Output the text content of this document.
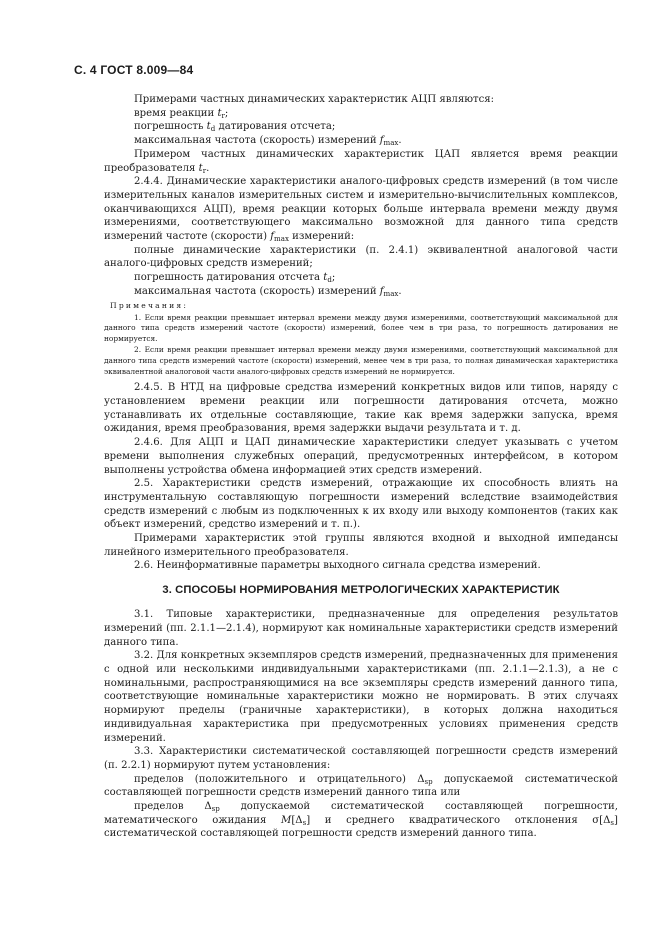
С. 4 ГОСТ 8.009—84

Примерами частных динамических характеристик АЦП являются:

время реакции $t_r$;

погрешность $t_d$ датирования отсчета;

максимальная частота (скорость) измерений $f_{max}$.

Примером частных динамических характеристик ЦАП является время реакции преобразователя $t_r$.

2.4.4. Динамические характеристики аналого-цифровых средств измерений (в том числе измерительных каналов измерительных систем и измерительно-вычислительных комплексов, оканчивающихся АЦП), время реакции которых больше интервала времени между двумя измерениями, соответствующего максимально возможной для данного типа средств измерений частоте (скорости) $f_{max}$ измерений:

полные динамические характеристики (п. 2.4.1) эквивалентной аналоговой части аналого-цифровых средств измерений;

погрешность датирования отсчета $t_d$;

максимальная частота (скорость) измерений $f_{max}$.

Примечания:

1. Если время реакции превышает интервал времени между двумя измерениями, соответствующий максимальной для данного типа средств измерений частоте (скорости) измерений, более чем в три раза, то погрешность датирования не нормируется.

2. Если время реакции превышает интервал времени между двумя измерениями, соответствующий максимальной для данного типа средств измерений частоте (скорости) измерений, менее чем в три раза, то полная динамическая характеристика эквивалентной аналоговой части аналого-цифровых средств измерений не нормируется.

2.4.5. В НТД на цифровые средства измерений конкретных видов или типов, наряду с установлением времени реакции или погрешности датирования отсчета, можно устанавливать их отдельные составляющие, такие как время задержки запуска, время ожидания, время преобразования, время задержки выдачи результата и т. д.

2.4.6. Для АЦП и ЦАП динамические характеристики следует указывать с учетом времени выполнения служебных операций, предусмотренных интерфейсом, в котором выполнены устройства обмена информацией этих средств измерений.

2.5. Характеристики средств измерений, отражающие их способность влиять на инструментальную составляющую погрешности измерений вследствие взаимодействия средств измерений с любым из подключенных к их входу или выходу компонентов (таких как объект измерений, средство измерений и т. п.).

Примерами характеристик этой группы являются входной и выходной импедансы линейного измерительного преобразователя.

2.6. Неинформативные параметры выходного сигнала средства измерений.

3. СПОСОБЫ НОРМИРОВАНИЯ МЕТРОЛОГИЧЕСКИХ ХАРАКТЕРИСТИК

3.1. Типовые характеристики, предназначенные для определения результатов измерений (пп. 2.1.1—2.1.4), нормируют как номинальные характеристики средств измерений данного типа.

3.2. Для конкретных экземпляров средств измерений, предназначенных для применения с одной или несколькими индивидуальными характеристиками (пп. 2.1.1—2.1.3), а не с номинальными, распространяющимися на все экземпляры средств измерений данного типа, соответствующие номинальные характеристики можно не нормировать. В этих случаях нормируют пределы (граничные характеристики), в которых должна находиться индивидуальная характеристика при предусмотренных условиях применения средств измерений.

3.3. Характеристики систематической составляющей погрешности средств измерений (п. 2.2.1) нормируют путем установления:

пределов (положительного и отрицательного) $\Delta_{sp}$ допускаемой систематической составляющей погрешности средств измерений данного типа или

пределов $\Delta_{sp}$ допускаемой систематической составляющей погрешности, математического ожидания $M[\Delta_s]$ и среднего квадратического отклонения $\sigma[\Delta_s]$ систематической составляющей погрешности средств измерений данного типа.
